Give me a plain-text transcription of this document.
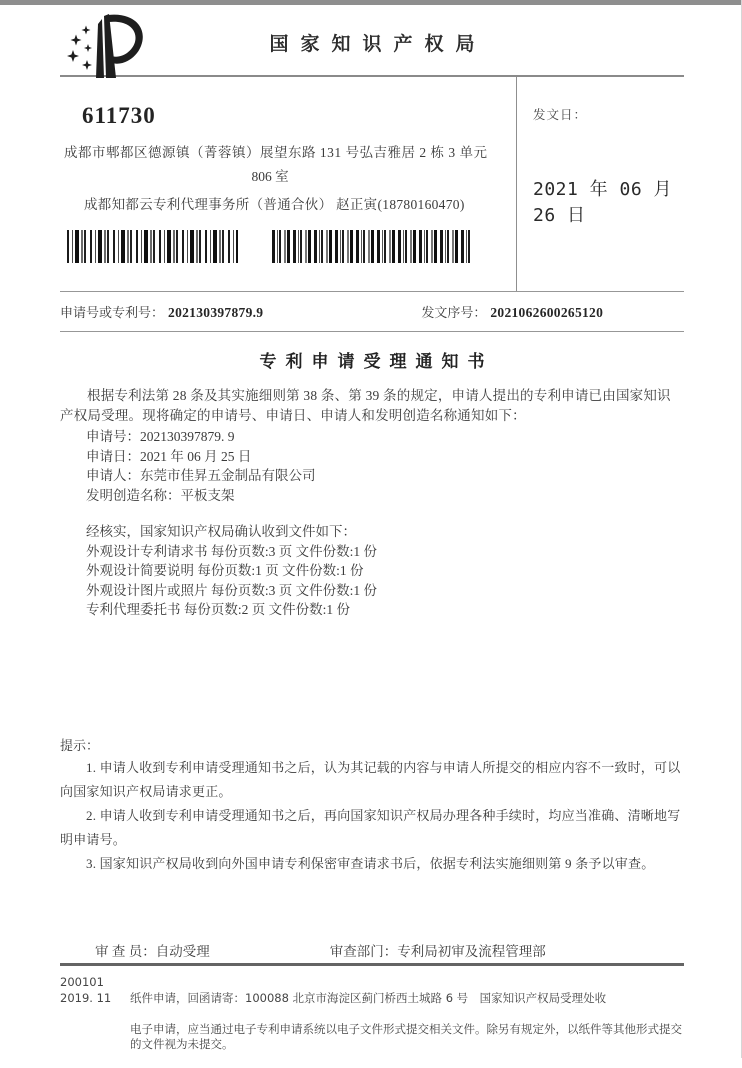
国家知识产权局
611730
成都市郫都区德源镇（菁蓉镇）展望东路 131 号弘吉雅居 2 栋 3 单元
806 室
成都知都云专利代理事务所（普通合伙） 赵正寅(18780160470)
发文日：
2021 年 06 月 26 日
申请号或专利号： 202130397879.9	发文序号： 2021062600265120
专利申请受理通知书

根据专利法第 28 条及其实施细则第 38 条、第 39 条的规定，申请人提出的专利申请已由国家知识产权局受理。现将确定的申请号、申请日、申请人和发明创造名称通知如下：

申请号：202130397879. 9
申请日：2021 年 06 月 25 日
申请人：东莞市佳昇五金制品有限公司
发明创造名称：平板支架
经核实，国家知识产权局确认收到文件如下：
外观设计专利请求书 每份页数:3 页 文件份数:1 份
外观设计简要说明 每份页数:1 页 文件份数:1 份
外观设计图片或照片 每份页数:3 页 文件份数:1 份
专利代理委托书 每份页数:2 页 文件份数:1 份
提示：
1. 申请人收到专利申请受理通知书之后，认为其记载的内容与申请人所提交的相应内容不一致时，可以向国家知识产权局请求更正。
2. 申请人收到专利申请受理通知书之后，再向国家知识产权局办理各种手续时，均应当准确、清晰地写明申请号。
3. 国家知识产权局收到向外国申请专利保密审查请求书后，依据专利法实施细则第 9 条予以审查。
审 查 员：自动受理	审查部门：专利局初审及流程管理部
200101
2019. 11	纸件申请，回函请寄：100088 北京市海淀区蓟门桥西土城路 6 号　国家知识产权局受理处收

电子申请，应当通过电子专利申请系统以电子文件形式提交相关文件。除另有规定外，以纸件等其他形式提交的文件视为未提交。
